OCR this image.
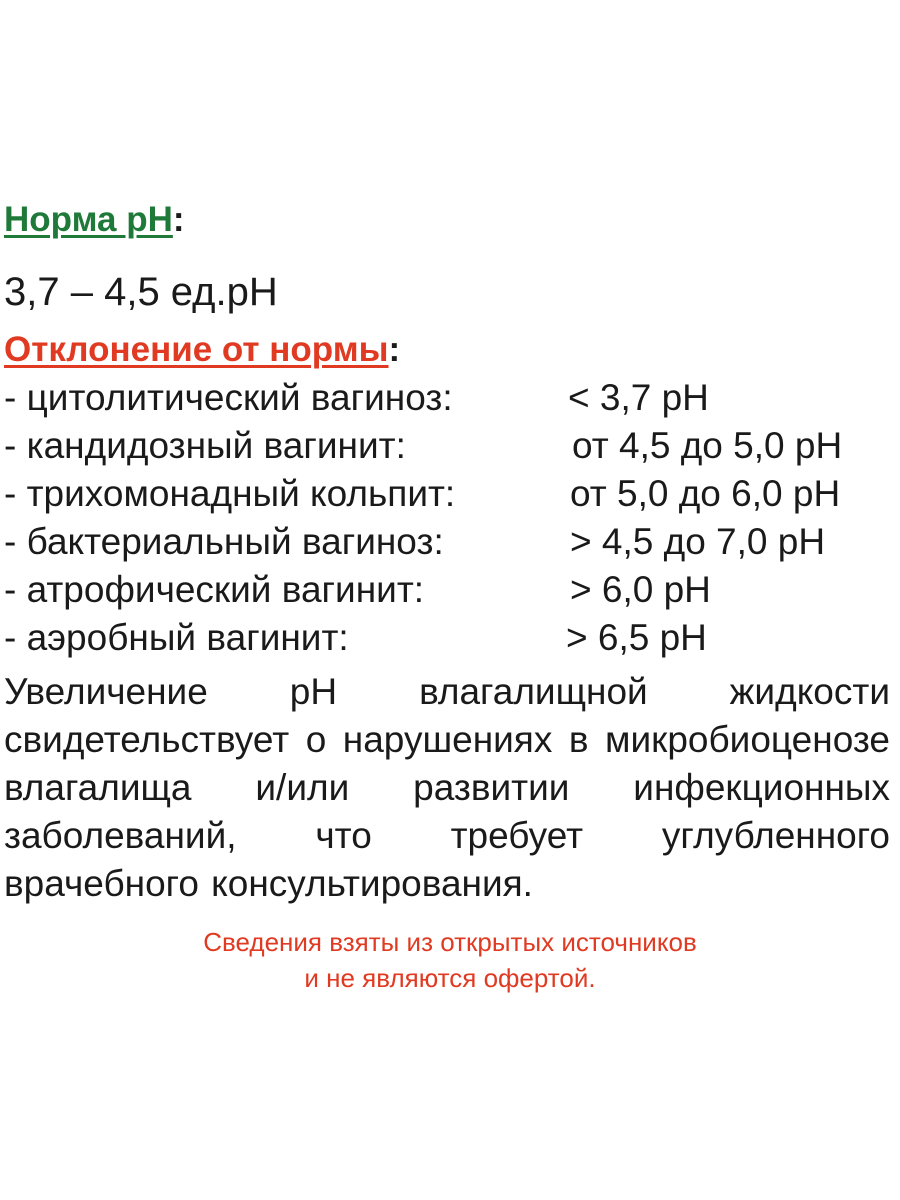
Норма pH:
3,7 – 4,5 ед.pH
Отклонение от нормы:
- цитолитический вагиноз:	< 3,7 pH
- кандидозный вагинит:	от 4,5 до 5,0 pH
- трихомонадный кольпит:	от 5,0 до 6,0 pH
- бактериальный вагиноз:	> 4,5 до 7,0 pH
- атрофический вагинит:	> 6,0 pH
- аэробный вагинит:	> 6,5 pH
Увеличение pH влагалищной жидкости свидетельствует о нарушениях в микробиоценозе влагалища и/или развитии инфекционных заболеваний, что требует углубленного врачебного консультирования.
Сведения взяты из открытых источников
и не являются офертой.
